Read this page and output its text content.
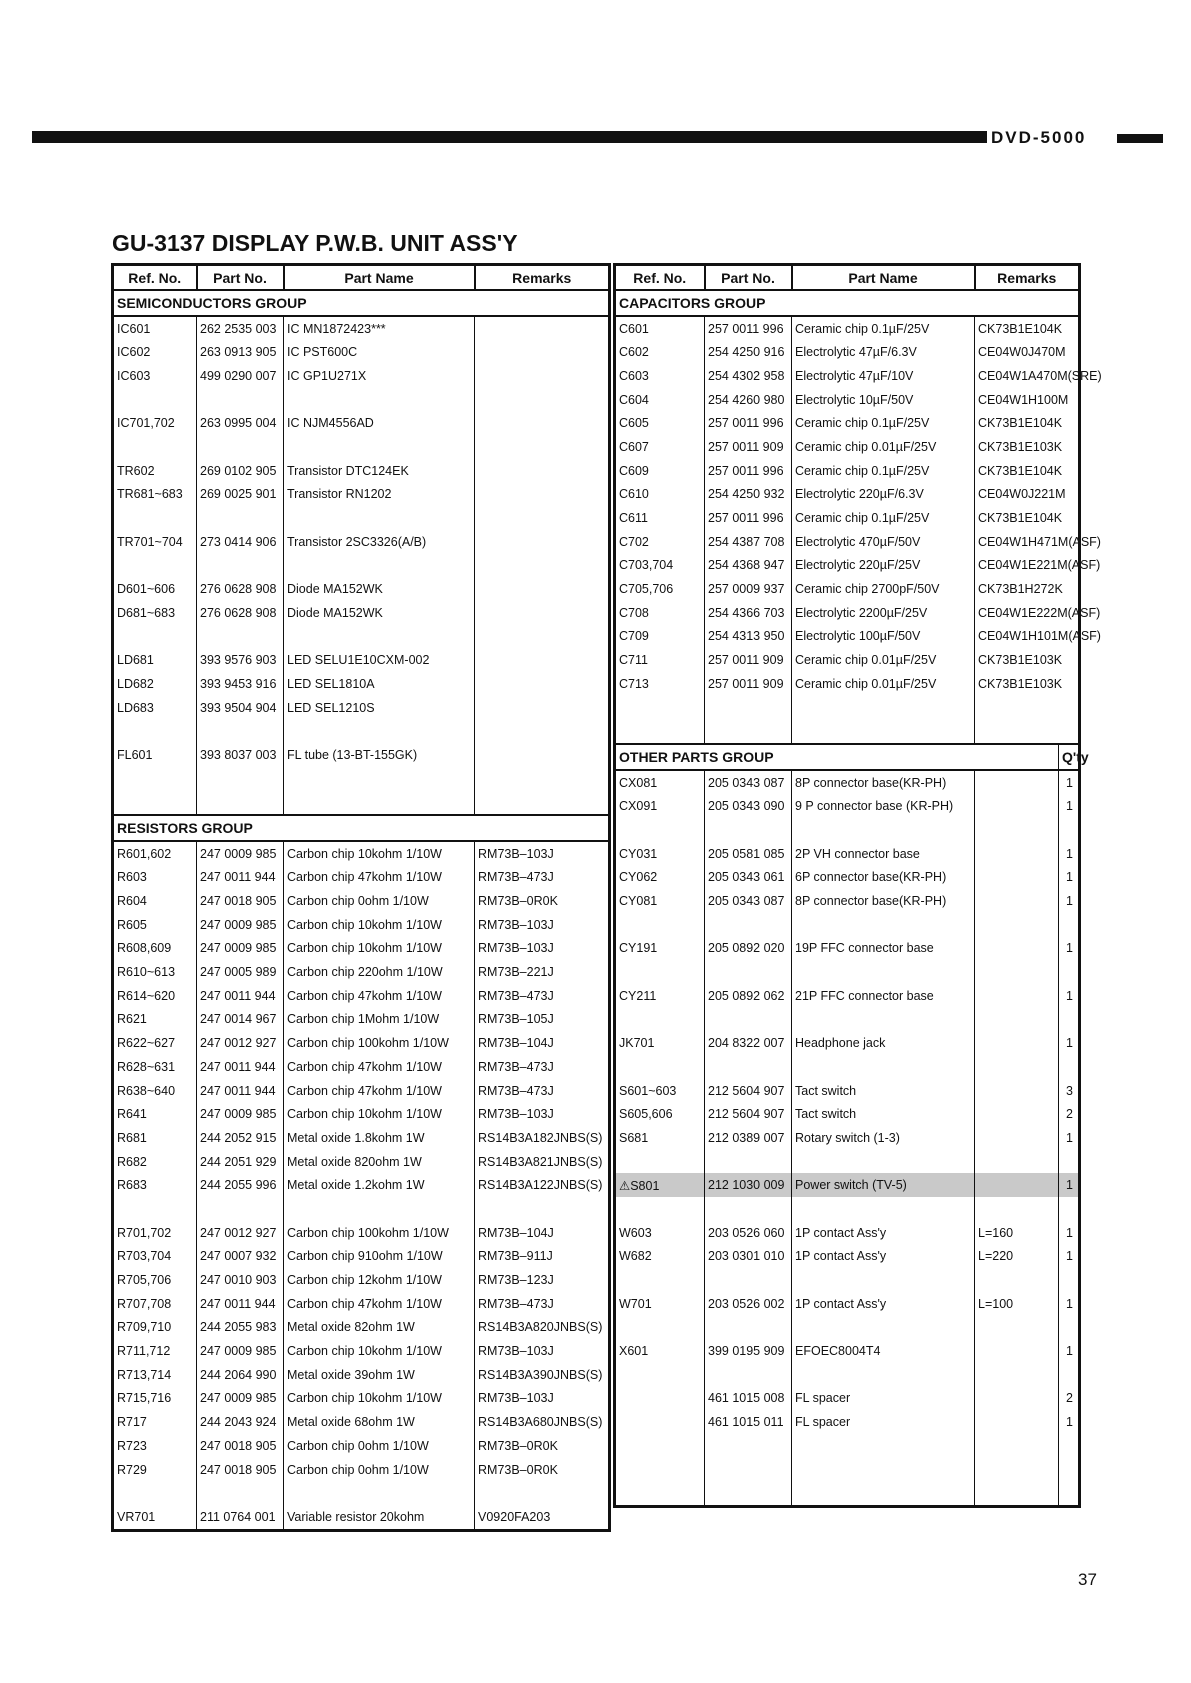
DVD-5000
GU-3137 DISPLAY P.W.B. UNIT ASS'Y
Ref. No.	Part No.	Part Name	Remarks
SEMICONDUCTORS GROUP			
IC601	262 2535 003	IC MN1872423***	
IC602	263 0913 905	IC PST600C	
IC603	499 0290 007	IC GP1U271X	

IC701,702	263 0995 004	IC NJM4556AD	

TR602	269 0102 905	Transistor DTC124EK	
TR681~683	269 0025 901	Transistor RN1202	

TR701~704	273 0414 906	Transistor 2SC3326(A/B)	

D601~606	276 0628 908	Diode MA152WK	
D681~683	276 0628 908	Diode MA152WK	

LD681	393 9576 903	LED SELU1E10CXM-002	
LD682	393 9453 916	LED SEL1810A	
LD683	393 9504 904	LED SEL1210S	

FL601	393 8037 003	FL tube (13-BT-155GK)	

RESISTORS GROUP			
R601,602	247 0009 985	Carbon chip 10kohm 1/10W	RM73B–103J
R603	247 0011 944	Carbon chip 47kohm 1/10W	RM73B–473J
R604	247 0018 905	Carbon chip 0ohm 1/10W	RM73B–0R0K
R605	247 0009 985	Carbon chip 10kohm 1/10W	RM73B–103J
R608,609	247 0009 985	Carbon chip 10kohm 1/10W	RM73B–103J
R610~613	247 0005 989	Carbon chip 220ohm 1/10W	RM73B–221J
R614~620	247 0011 944	Carbon chip 47kohm 1/10W	RM73B–473J
R621	247 0014 967	Carbon chip 1Mohm 1/10W	RM73B–105J
R622~627	247 0012 927	Carbon chip 100kohm 1/10W	RM73B–104J
R628~631	247 0011 944	Carbon chip 47kohm 1/10W	RM73B–473J
R638~640	247 0011 944	Carbon chip 47kohm 1/10W	RM73B–473J
R641	247 0009 985	Carbon chip 10kohm 1/10W	RM73B–103J
R681	244 2052 915	Metal oxide 1.8kohm 1W	RS14B3A182JNBS(S)
R682	244 2051 929	Metal oxide 820ohm 1W	RS14B3A821JNBS(S)
R683	244 2055 996	Metal oxide 1.2kohm 1W	RS14B3A122JNBS(S)

R701,702	247 0012 927	Carbon chip 100kohm 1/10W	RM73B–104J
R703,704	247 0007 932	Carbon chip 910ohm 1/10W	RM73B–911J
R705,706	247 0010 903	Carbon chip 12kohm 1/10W	RM73B–123J
R707,708	247 0011 944	Carbon chip 47kohm 1/10W	RM73B–473J
R709,710	244 2055 983	Metal oxide 82ohm 1W	RS14B3A820JNBS(S)
R711,712	247 0009 985	Carbon chip 10kohm 1/10W	RM73B–103J
R713,714	244 2064 990	Metal oxide 39ohm 1W	RS14B3A390JNBS(S)
R715,716	247 0009 985	Carbon chip 10kohm 1/10W	RM73B–103J
R717	244 2043 924	Metal oxide 68ohm 1W	RS14B3A680JNBS(S)
R723	247 0018 905	Carbon chip 0ohm 1/10W	RM73B–0R0K
R729	247 0018 905	Carbon chip 0ohm 1/10W	RM73B–0R0K

VR701	211 0764 001	Variable resistor 20kohm	V0920FA203
Ref. No.	Part No.	Part Name	Remarks	
CAPACITORS GROUP				
C601	257 0011 996	Ceramic chip 0.1µF/25V	CK73B1E104K	
C602	254 4250 916	Electrolytic 47µF/6.3V	CE04W0J470M	
C603	254 4302 958	Electrolytic 47µF/10V	CE04W1A470M(SRE)	
C604	254 4260 980	Electrolytic 10µF/50V	CE04W1H100M	
C605	257 0011 996	Ceramic chip 0.1µF/25V	CK73B1E104K	
C607	257 0011 909	Ceramic chip 0.01µF/25V	CK73B1E103K	
C609	257 0011 996	Ceramic chip 0.1µF/25V	CK73B1E104K	
C610	254 4250 932	Electrolytic 220µF/6.3V	CE04W0J221M	
C611	257 0011 996	Ceramic chip 0.1µF/25V	CK73B1E104K	
C702	254 4387 708	Electrolytic 470µF/50V	CE04W1H471M(ASF)	
C703,704	254 4368 947	Electrolytic 220µF/25V	CE04W1E221M(ASF)	
C705,706	257 0009 937	Ceramic chip 2700pF/50V	CK73B1H272K	
C708	254 4366 703	Electrolytic 2200µF/25V	CE04W1E222M(ASF)	
C709	254 4313 950	Electrolytic 100µF/50V	CE04W1H101M(ASF)	
C711	257 0011 909	Ceramic chip 0.01µF/25V	CK73B1E103K	
C713	257 0011 909	Ceramic chip 0.01µF/25V	CK73B1E103K	

OTHER PARTS GROUP				Q'ty
CX081	205 0343 087	8P connector base(KR-PH)		1
CX091	205 0343 090	9 P connector base (KR-PH)		1

CY031	205 0581 085	2P VH connector base		1
CY062	205 0343 061	6P connector base(KR-PH)		1
CY081	205 0343 087	8P connector base(KR-PH)		1

CY191	205 0892 020	19P FFC connector base		1

CY211	205 0892 062	21P FFC connector base		1

JK701	204 8322 007	Headphone jack		1

S601~603	212 5604 907	Tact switch		3
S605,606	212 5604 907	Tact switch		2
S681	212 0389 007	Rotary switch (1-3)		1

⚠S801	212 1030 009	Power switch (TV-5)		1

W603	203 0526 060	1P contact Ass'y	L=160	1
W682	203 0301 010	1P contact Ass'y	L=220	1

W701	203 0526 002	1P contact Ass'y	L=100	1

X601	399 0195 909	EFOEC8004T4		1

	461 1015 008	FL spacer		2
	461 1015 011	FL spacer		1

37
